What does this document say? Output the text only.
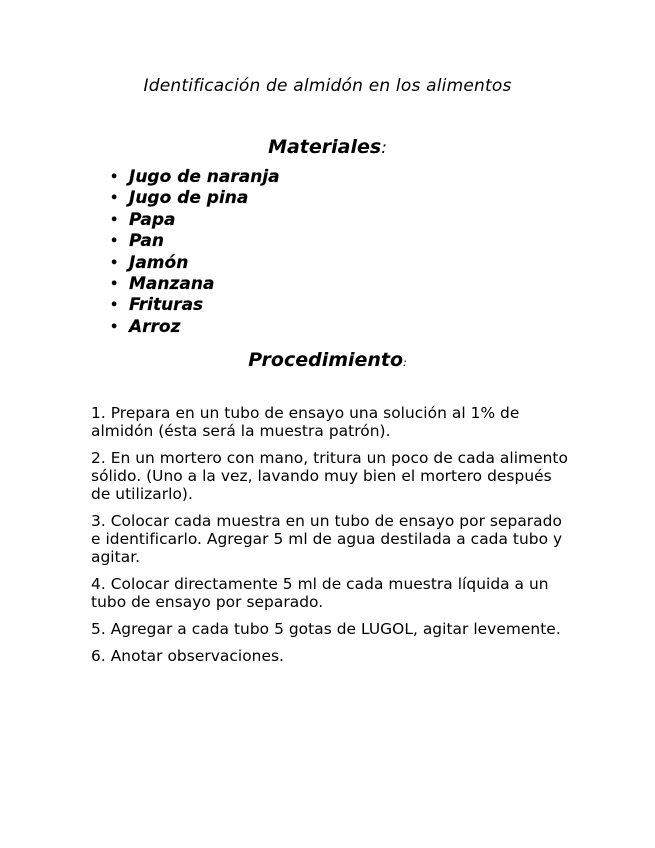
Identificación de almidón en los alimentos
Materiales:
• Jugo de naranja
• Jugo de pina
• Papa
• Pan
• Jamón
• Manzana
• Frituras
• Arroz
Procedimiento:

1. Prepara en un tubo de ensayo una solución al 1% de almidón (ésta será la muestra patrón).

2. En un mortero con mano, tritura un poco de cada alimento sólido. (Uno a la vez, lavando muy bien el mortero después de utilizarlo).

3. Colocar cada muestra en un tubo de ensayo por separado e identificarlo. Agregar 5 ml de agua destilada a cada tubo y agitar.

4. Colocar directamente 5 ml de cada muestra líquida a un tubo de ensayo por separado.

5. Agregar a cada tubo 5 gotas de LUGOL, agitar levemente.

6. Anotar observaciones.
